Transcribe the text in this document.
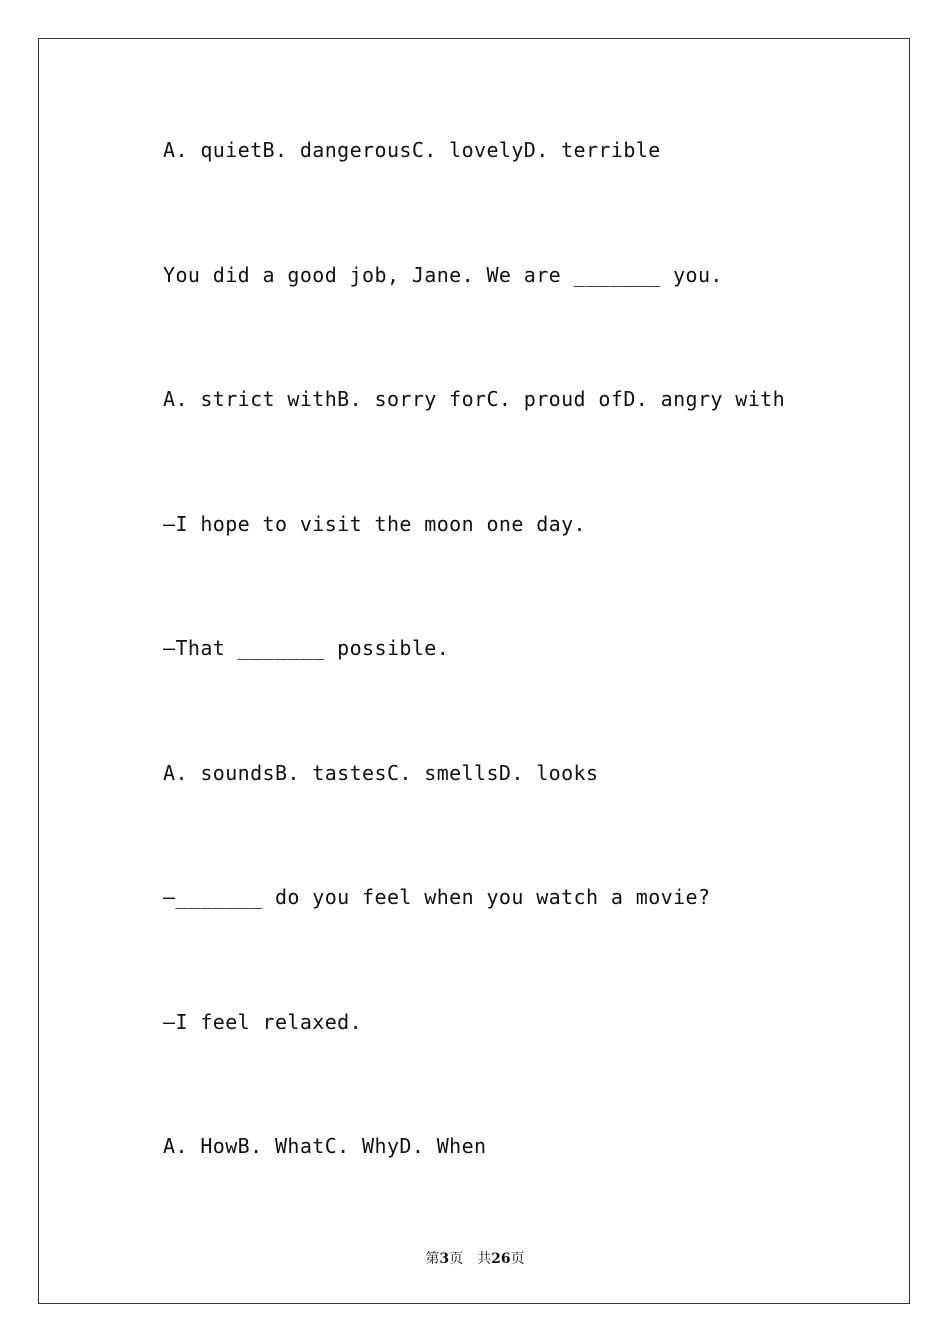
A. quietB. dangerousC. lovelyD. terrible
You did a good job, Jane. We are _______ you.
A. strict withB. sorry forC. proud ofD. angry with
—I hope to visit the moon one day.
—That _______ possible.
A. soundsB. tastesC. smellsD. looks
—_______ do you feel when you watch a movie?
—I feel relaxed.
A. HowB. WhatC. WhyD. When
第3页 共26页
